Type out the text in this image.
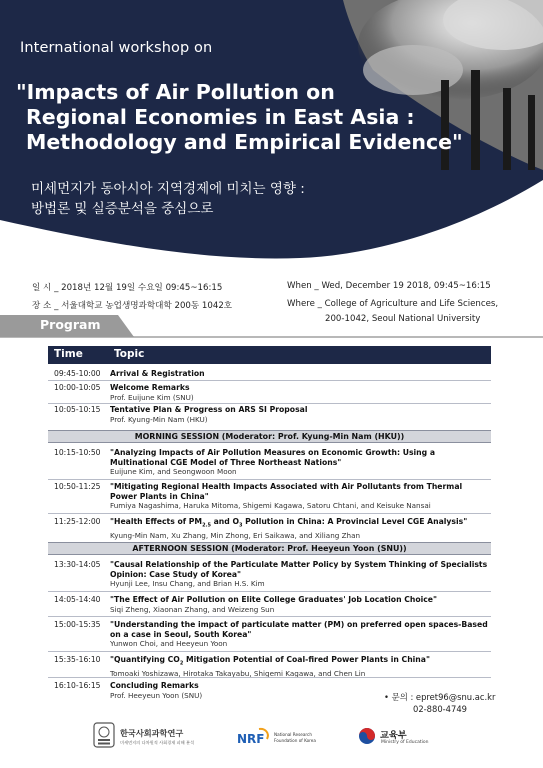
International workshop on
"Impacts of Air Pollution on
Regional Economies in East Asia :
Methodology and Empirical Evidence"
미세먼지가 동아시아 지역경제에 미치는 영향 :
방법론 및 실증분석을 중심으로
일 시 _ 2018년 12월 19일 수요일 09:45~16:15
장 소 _ 서울대학교 농업생명과학대학 200동 1042호
When _ Wed, December 19 2018, 09:45~16:15
Where _ College of Agriculture and Life Sciences,
200-1042, Seoul National University
Program
Time	Topic
09:45-10:00 Arrival & Registration
10:00-10:05 Welcome Remarks
Prof. Euijune Kim (SNU)
10:05-10:15 Tentative Plan & Progress on ARS SI Proposal
Prof. Kyung-Min Nam (HKU)
MORNING SESSION (Moderator: Prof. Kyung-Min Nam (HKU))
10:15-10:50 "Analyzing Impacts of Air Pollution Measures on Economic Growth: Using a
Multinational CGE Model of Three Northeast Nations"
Euijune Kim, and Seongwoon Moon
10:50-11:25 "Mitigating Regional Health Impacts Associated with Air Pollutants from Thermal
Power Plants in China"
Fumiya Nagashima, Haruka Mitoma, Shigemi Kagawa, Satoru Chtani, and Keisuke Nansai
11:25-12:00 "Health Effects of $PM_{2.5}$ and $O_3$ Pollution in China: A Provincial Level CGE Analysis"
Kyung-Min Nam, Xu Zhang, Min Zhong, Eri Saikawa, and Xiliang Zhan
AFTERNOON SESSION (Moderator: Prof. Heeyeun Yoon (SNU))
13:30-14:05 "Causal Relationship of the Particulate Matter Policy by System Thinking of Specialists
Opinion: Case Study of Korea"
Hyunji Lee, Insu Chang, and Brian H.S. Kim
14:05-14:40 "The Effect of Air Pollution on Elite College Graduates' Job Location Choice"
Siqi Zheng, Xiaonan Zhang, and Weizeng Sun
15:00-15:35 "Understanding the impact of particulate matter (PM) on preferred open spaces-Based
on a case in Seoul, South Korea"
Yunwon Choi, and Heeyeun Yoon
15:35-16:10 "Quantifying $CO_2$ Mitigation Potential of Coal-fired Power Plants in China"
Tomoaki Yoshizawa, Hirotaka Takayabu, Shigemi Kagawa, and Chen Lin
16:10-16:15 Concluding Remarks
Prof. Heeyeun Yoon (SNU)	• 문의 : epret96@snu.ac.kr
02-880-4749
한국사회과학연구
미세먼지의 다차원적 사회경제 피해 분석	NRF National Research
Foundation of Korea	교육부
Ministry of Education
